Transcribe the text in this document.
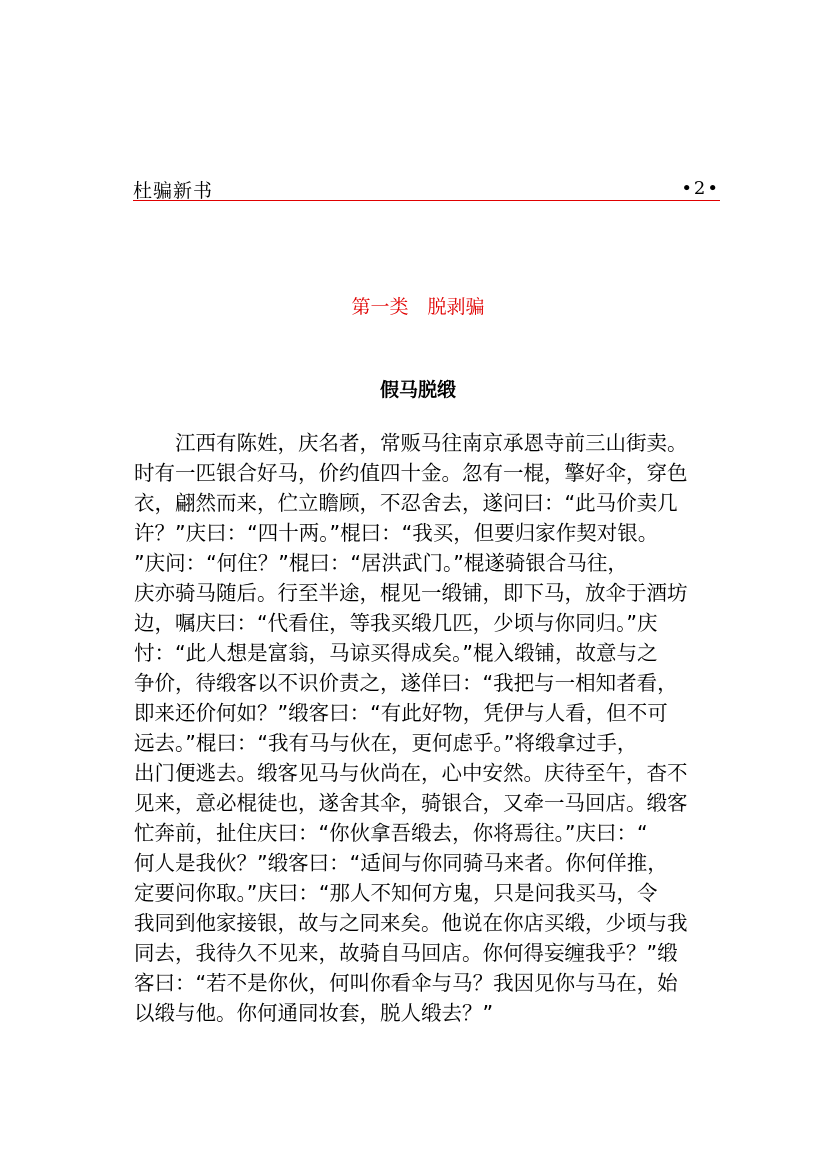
杜骗新书	•2•
第一类　脱剥骗
假马脱缎
江西有陈姓，庆名者，常贩马往南京承恩寺前三山街卖。
时有一匹银合好马，价约值四十金。忽有一棍，擎好伞，穿色
衣，翩然而来，伫立瞻顾，不忍舍去，遂问曰：“此马价卖几
许？”庆曰：“四十两。”棍曰：“我买，但要归家作契对银。
”庆问：“何住？”棍曰：“居洪武门。”棍遂骑银合马往，
庆亦骑马随后。行至半途，棍见一缎铺，即下马，放伞于酒坊
边，嘱庆曰：“代看住，等我买缎几匹，少顷与你同归。”庆
忖：“此人想是富翁，马谅买得成矣。”棍入缎铺，故意与之
争价，待缎客以不识价责之，遂佯曰：“我把与一相知者看，
即来还价何如？”缎客曰：“有此好物，凭伊与人看，但不可
远去。”棍曰：“我有马与伙在，更何虑乎。”将缎拿过手，
出门便逃去。缎客见马与伙尚在，心中安然。庆待至午，杳不
见来，意必棍徒也，遂舍其伞，骑银合，又牵一马回店。缎客
忙奔前，扯住庆曰：“你伙拿吾缎去，你将焉往。”庆曰：“
何人是我伙？”缎客曰：“适间与你同骑马来者。你何佯推，
定要问你取。”庆曰：“那人不知何方鬼，只是问我买马，令
我同到他家接银，故与之同来矣。他说在你店买缎，少顷与我
同去，我待久不见来，故骑自马回店。你何得妄缠我乎？”缎
客曰：“若不是你伙，何叫你看伞与马？我因见你与马在，始
以缎与他。你何通同妆套，脱人缎去？”
